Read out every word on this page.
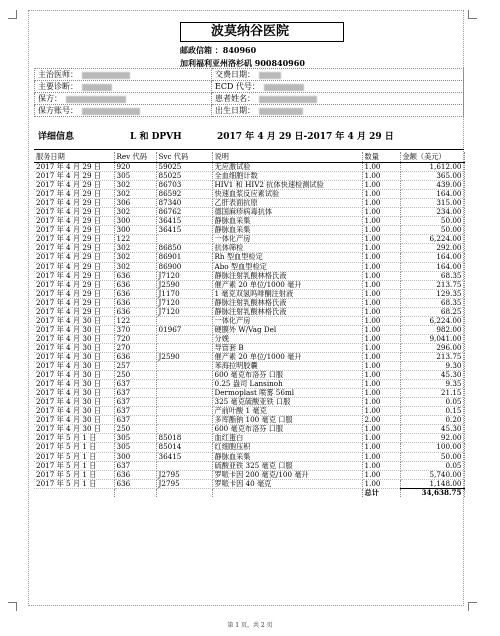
波莫纳谷医院
邮政信箱 ：840960
加利福利亚州洛杉矶 900840960
主治医师：	交费日期：
主要诊断：	ECD 代号：
保方：	患者姓名：
保方账号：	出生日期：
详细信息	L 和 DPVH	2017 年 4 月 29 日-2017 年 4 月 29 日
服务日期	Rev 代码	Svc 代码	说明	数量	金额（美元）
2017 年 4 月 29 日	920	59025	无应激试验	1.00	1,612.00
2017 年 4 月 29 日	305	85025	全血细胞计数	1.00	365.00
2017 年 4 月 29 日	302	86703	HIV1 和 HIV2 抗体快速检测试验	1.00	439.00
2017 年 4 月 29 日	302	86592	快速血浆反应素试验	1.00	164.00
2017 年 4 月 29 日	306	87340	乙肝表面抗原	1.00	315.00
2017 年 4 月 29 日	302	86762	德国麻疹病毒抗体	1.00	234.00
2017 年 4 月 29 日	300	36415	静脉血采集	1.00	50.00
2017 年 4 月 29 日	300	36415	静脉血采集	1.00	50.00
2017 年 4 月 29 日	122		一体化产房	1.00	6,224.00
2017 年 4 月 29 日	302	86850	抗体筛检	1.00	292.00
2017 年 4 月 29 日	302	86901	Rh 型血型检定	1.00	164.00
2017 年 4 月 29 日	302	86900	Abo 型血型检定	1.00	164.00
2017 年 4 月 29 日	636	J7120	静脉注射乳酸林格氏液	1.00	68.35
2017 年 4 月 29 日	636	J2590	催产素 20 单位/1000 毫升	1.00	213.75
2017 年 4 月 29 日	636	J1170	1 毫克双氢吗啡酮注射液	1.00	129.35
2017 年 4 月 29 日	636	J7120	静脉注射乳酸林格氏液	1.00	68.35
2017 年 4 月 29 日	636	J7120	静脉注射乳酸林格氏液	1.00	68.25
2017 年 4 月 30 日	122		一体化产房	1.00	6,224.00
2017 年 4 月 30 日	370	01967	硬膜外 W/Vag Del	1.00	982.00
2017 年 4 月 30 日	720		分娩	1.00	9,041.00
2017 年 4 月 30 日	270		导管套 B	1.00	296.00
2017 年 4 月 30 日	636	J2590	催产素 20 单位/1000 毫升	1.00	213.75
2017 年 4 月 30 日	257		苯海拉明胶囊	1.00	9.30
2017 年 4 月 30 日	250		600 毫克布洛芬 口服	1.00	45.30
2017 年 4 月 30 日	637		0.25 盎司 Lansinoh	1.00	9.35
2017 年 4 月 30 日	637		Dermoplast 喷雾 56ml	1.00	21.15
2017 年 4 月 30 日	637		325 毫克硫酸亚铁 口服	1.00	0.05
2017 年 4 月 30 日	637		产前叶酸 1 毫克	1.00	0.15
2017 年 4 月 30 日	637		多库酯钠 100 毫克 口服	2.00	0.20
2017 年 4 月 30 日	250		600 毫克布洛芬 口服	1.00	45.30
2017 年 5 月 1 日	305	85018	血红蛋白	1.00	92.00
2017 年 5 月 1 日	305	85014	红细胞压积	1.00	100.00
2017 年 5 月 1 日	300	36415	静脉血采集	1.00	50.00
2017 年 5 月 1 日	637		硫酸亚铁 325 毫克 口服	1.00	0.05
2017 年 5 月 1 日	636	J2795	罗哌卡因 200 毫克/100 毫升	1.00	5,740.00
2017 年 5 月 1 日	636	J2795	罗哌卡因 40 毫克	1.00	1,148.00
				总计	34,638.75
第 1 页，共 2 页
